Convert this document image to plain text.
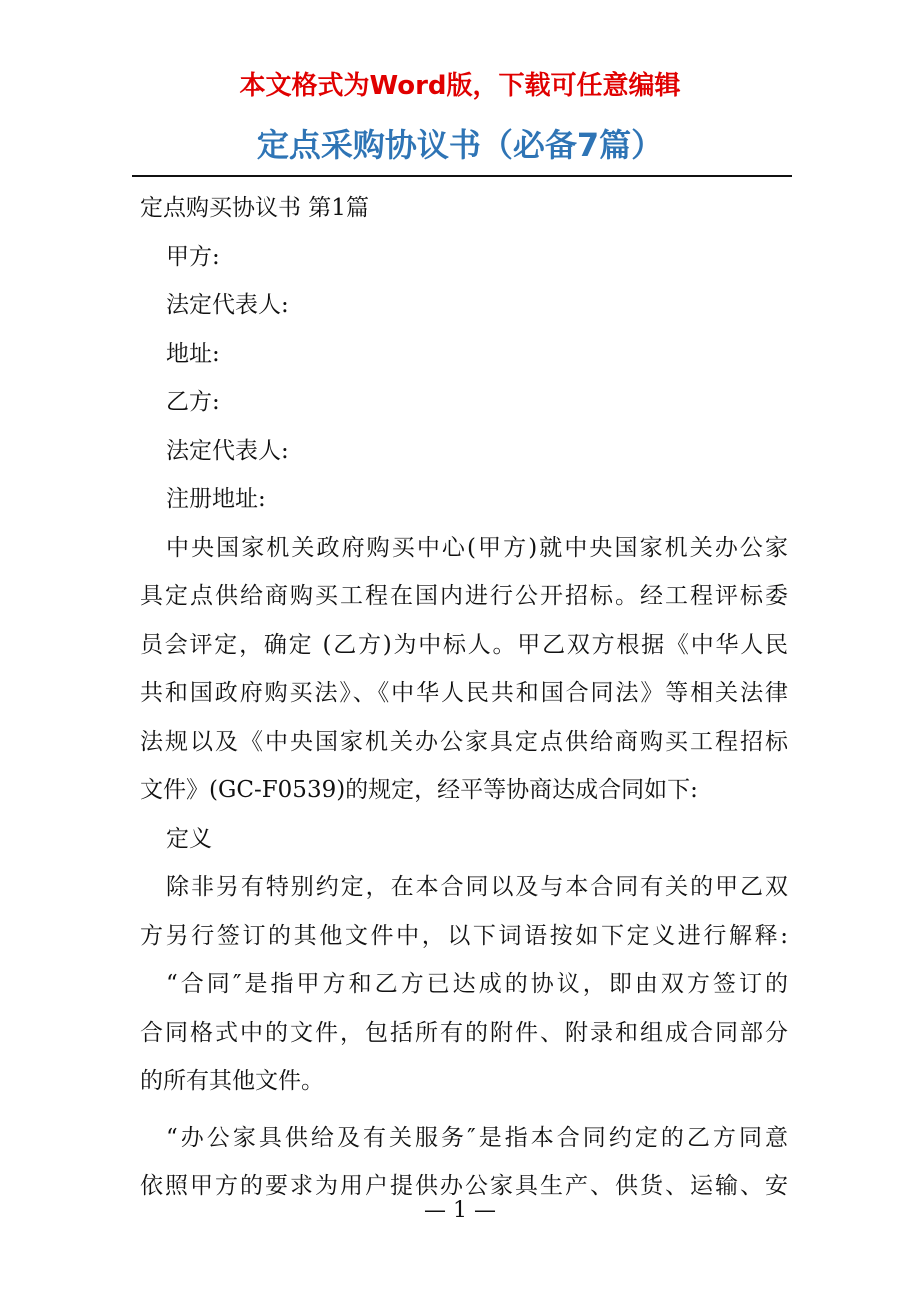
本文格式为Word版，下载可任意编辑
定点采购协议书（必备7篇）
定点购买协议书 第1篇
甲方:
法定代表人:
地址:
乙方:
法定代表人:
注册地址:
中央国家机关政府购买中心(甲方)就中央国家机关办公家
具定点供给商购买工程在国内进行公开招标。经工程评标委
员会评定，确定 (乙方)为中标人。甲乙双方根据《中华人民
共和国政府购买法》、《中华人民共和国合同法》等相关法律
法规以及《中央国家机关办公家具定点供给商购买工程招标
文件》(GC-F0539)的规定，经平等协商达成合同如下:
定义
除非另有特别约定，在本合同以及与本合同有关的甲乙双
方另行签订的其他文件中，以下词语按如下定义进行解释:
“合同″是指甲方和乙方已达成的协议，即由双方签订的
合同格式中的文件，包括所有的附件、附录和组成合同部分
的所有其他文件。
“办公家具供给及有关服务″是指本合同约定的乙方同意
依照甲方的要求为用户提供办公家具生产、供货、运输、安
— 1 —
